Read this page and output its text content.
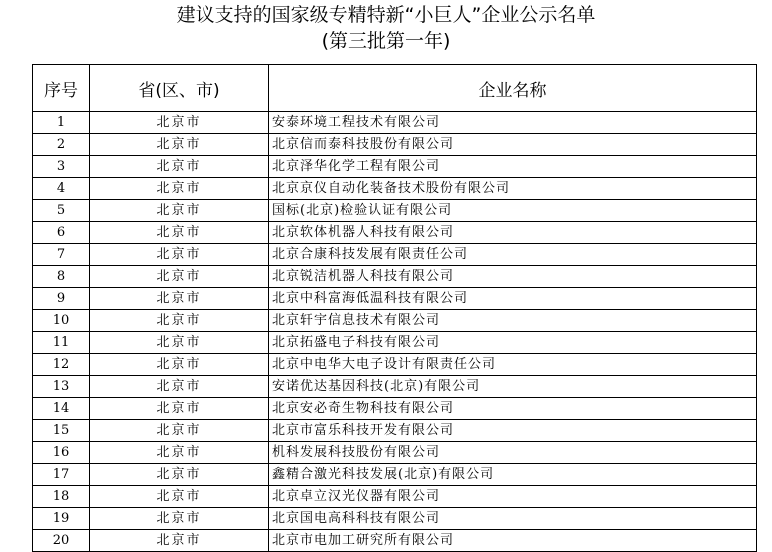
建议支持的国家级专精特新“小巨人”企业公示名单
(第三批第一年)
序号	省(区、市)	企业名称
1	北京市	安泰环境工程技术有限公司
2	北京市	北京信而泰科技股份有限公司
3	北京市	北京泽华化学工程有限公司
4	北京市	北京京仪自动化装备技术股份有限公司
5	北京市	国标(北京)检验认证有限公司
6	北京市	北京软体机器人科技有限公司
7	北京市	北京合康科技发展有限责任公司
8	北京市	北京锐洁机器人科技有限公司
9	北京市	北京中科富海低温科技有限公司
10	北京市	北京轩宇信息技术有限公司
11	北京市	北京拓盛电子科技有限公司
12	北京市	北京中电华大电子设计有限责任公司
13	北京市	安诺优达基因科技(北京)有限公司
14	北京市	北京安必奇生物科技有限公司
15	北京市	北京市富乐科技开发有限公司
16	北京市	机科发展科技股份有限公司
17	北京市	鑫精合激光科技发展(北京)有限公司
18	北京市	北京卓立汉光仪器有限公司
19	北京市	北京国电高科科技有限公司
20	北京市	北京市电加工研究所有限公司
